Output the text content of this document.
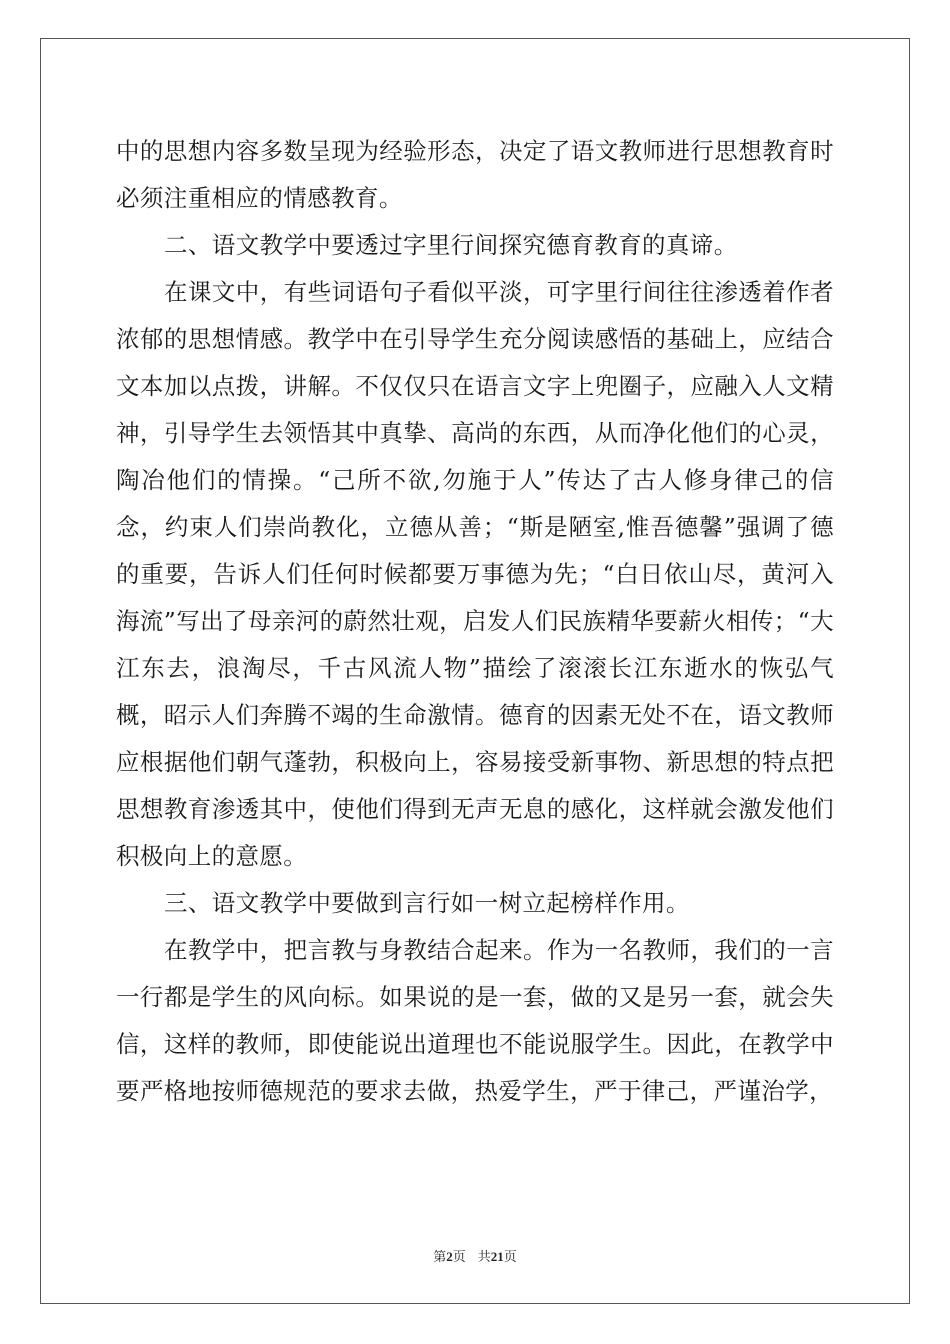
中的思想内容多数呈现为经验形态，决定了语文教师进行思想教育时必须注重相应的情感教育。

二、语文教学中要透过字里行间探究德育教育的真谛。

在课文中，有些词语句子看似平淡，可字里行间往往渗透着作者浓郁的思想情感。教学中在引导学生充分阅读感悟的基础上，应结合文本加以点拨，讲解。不仅仅只在语言文字上兜圈子，应融入人文精神，引导学生去领悟其中真挚、高尚的东西，从而净化他们的心灵，陶冶他们的情操。“己所不欲,勿施于人”传达了古人修身律己的信念，约束人们崇尚教化，立德从善；“斯是陋室,惟吾德馨”强调了德的重要，告诉人们任何时候都要万事德为先；“白日依山尽，黄河入海流”写出了母亲河的蔚然壮观，启发人们民族精华要薪火相传；“大江东去，浪淘尽，千古风流人物”描绘了滚滚长江东逝水的恢弘气概，昭示人们奔腾不竭的生命激情。德育的因素无处不在，语文教师应根据他们朝气蓬勃，积极向上，容易接受新事物、新思想的特点把思想教育渗透其中，使他们得到无声无息的感化，这样就会激发他们积极向上的意愿。

三、语文教学中要做到言行如一树立起榜样作用。

在教学中，把言教与身教结合起来。作为一名教师，我们的一言一行都是学生的风向标。如果说的是一套，做的又是另一套，就会失信，这样的教师，即使能说出道理也不能说服学生。因此，在教学中要严格地按师德规范的要求去做，热爱学生，严于律己，严谨治学，

第2页 共21页
